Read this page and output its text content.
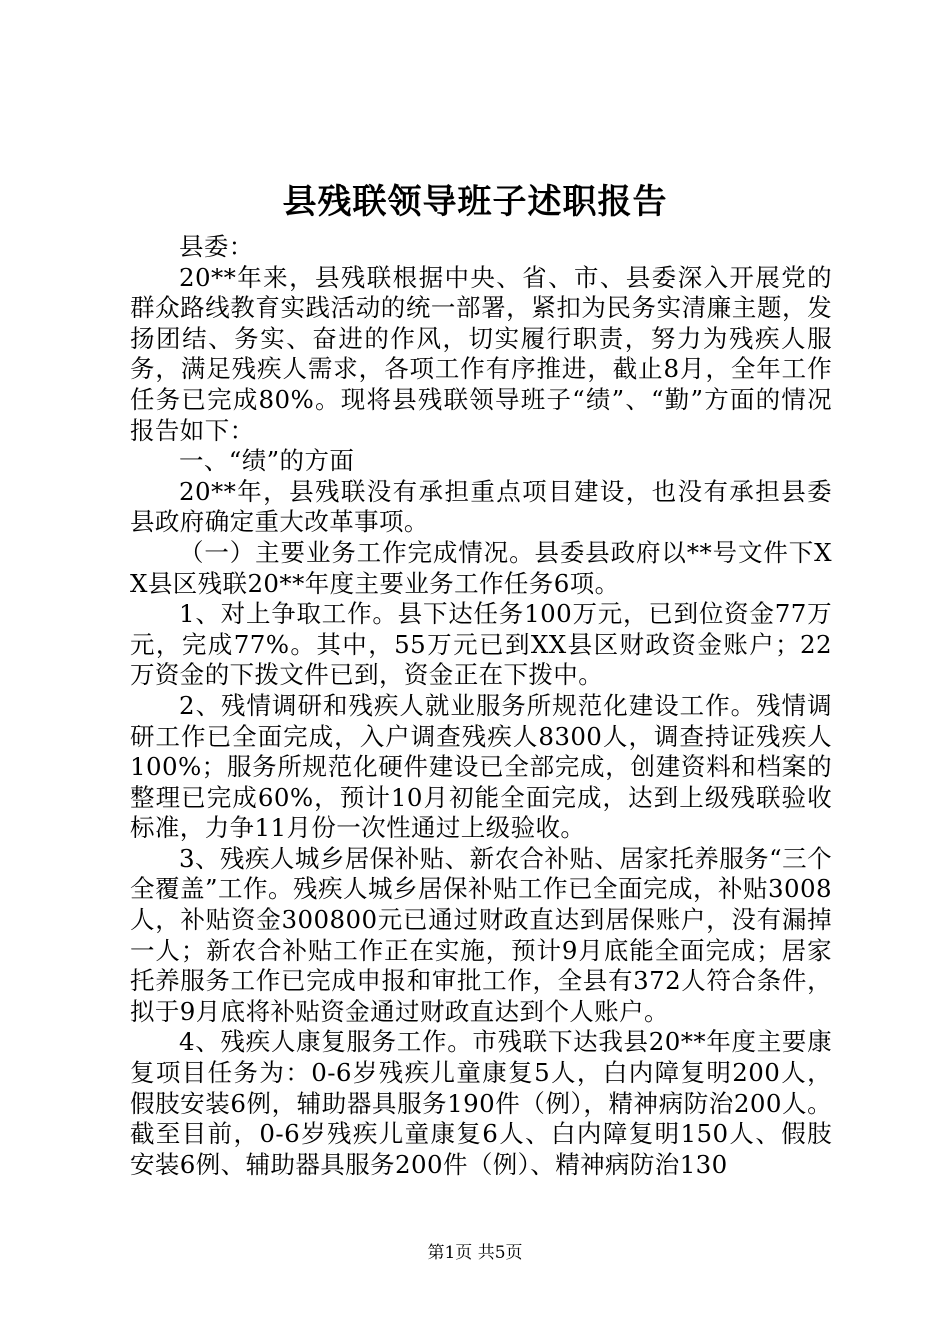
县残联领导班子述职报告

县委：

20**年来，县残联根据中央、省、市、县委深入开展党的群众路线教育实践活动的统一部署，紧扣为民务实清廉主题，发扬团结、务实、奋进的作风，切实履行职责，努力为残疾人服务，满足残疾人需求，各项工作有序推进，截止8月，全年工作任务已完成80%。现将县残联领导班子“绩”、“勤”方面的情况报告如下：

一、“绩”的方面

20**年，县残联没有承担重点项目建设，也没有承担县委县政府确定重大改革事项。

（一）主要业务工作完成情况。县委县政府以**号文件下XX县区残联20**年度主要业务工作任务6项。

1、对上争取工作。县下达任务100万元，已到位资金77万元，完成77%。其中，55万元已到XX县区财政资金账户；22万资金的下拨文件已到，资金正在下拨中。

2、残情调研和残疾人就业服务所规范化建设工作。残情调研工作已全面完成，入户调查残疾人8300人，调查持证残疾人100%；服务所规范化硬件建设已全部完成，创建资料和档案的整理已完成60%，预计10月初能全面完成，达到上级残联验收标准，力争11月份一次性通过上级验收。

3、残疾人城乡居保补贴、新农合补贴、居家托养服务“三个全覆盖”工作。残疾人城乡居保补贴工作已全面完成，补贴3008人，补贴资金300800元已通过财政直达到居保账户，没有漏掉一人；新农合补贴工作正在实施，预计9月底能全面完成；居家托养服务工作已完成申报和审批工作，全县有372人符合条件，拟于9月底将补贴资金通过财政直达到个人账户。

4、残疾人康复服务工作。市残联下达我县20**年度主要康复项目任务为：0-6岁残疾儿童康复5人，白内障复明200人，假肢安装6例，辅助器具服务190件（例），精神病防治200人。截至目前，0-6岁残疾儿童康复6人、白内障复明150人、假肢安装6例、辅助器具服务200件（例）、精神病防治130

第1页 共5页
